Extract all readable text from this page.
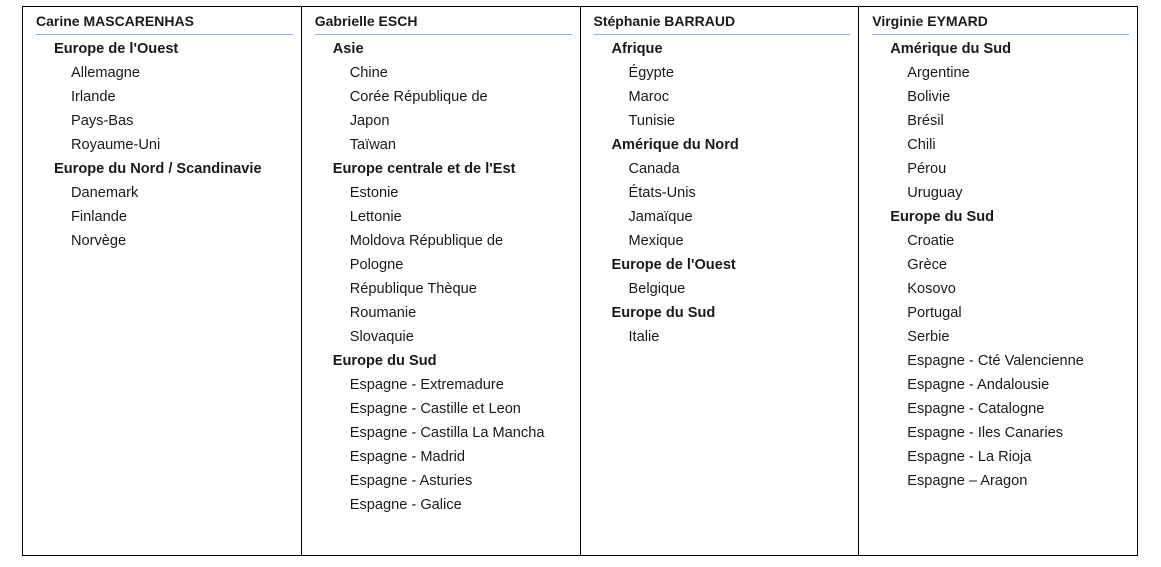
Carine MASCARENHAS
Europe de l'Ouest
Allemagne
Irlande
Pays-Bas
Royaume-Uni
Europe du Nord / Scandinavie
Danemark
Finlande
Norvège
Gabrielle ESCH
Asie
Chine
Corée République de
Japon
Taïwan
Europe centrale et de l'Est
Estonie
Lettonie
Moldova République de
Pologne
République Thèque
Roumanie
Slovaquie
Europe du Sud
Espagne - Extremadure
Espagne - Castille et Leon
Espagne - Castilla La Mancha
Espagne - Madrid
Espagne - Asturies
Espagne - Galice
Stéphanie BARRAUD
Afrique
Égypte
Maroc
Tunisie
Amérique du Nord
Canada
États-Unis
Jamaïque
Mexique
Europe de l'Ouest
Belgique
Europe du Sud
Italie
Virginie EYMARD
Amérique du Sud
Argentine
Bolivie
Brésil
Chili
Pérou
Uruguay
Europe du Sud
Croatie
Grèce
Kosovo
Portugal
Serbie
Espagne - Cté Valencienne
Espagne - Andalousie
Espagne - Catalogne
Espagne - Iles Canaries
Espagne - La Rioja
Espagne – Aragon
